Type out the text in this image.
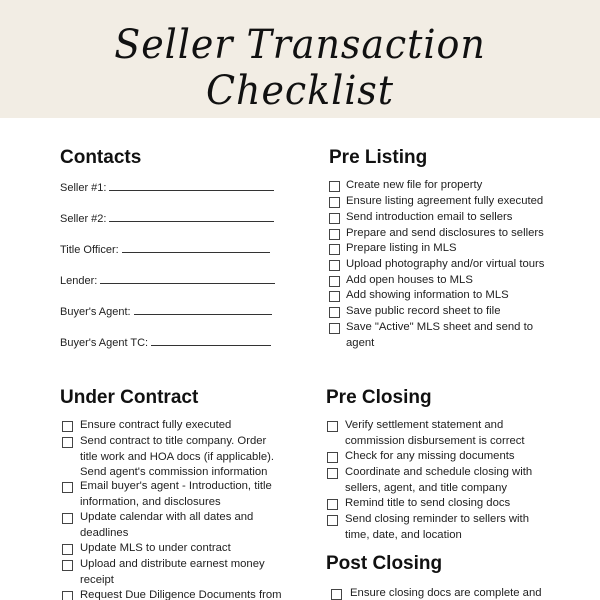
Seller Transaction Checklist
Contacts
Seller #1:
Seller #2:
Title Officer:
Lender:
Buyer's Agent:
Buyer's Agent TC:
Pre Listing
Create new file for property
Ensure listing agreement fully executed
Send introduction email to sellers
Prepare and send disclosures to sellers
Prepare listing in MLS
Upload photography and/or virtual tours
Add open houses to MLS
Add showing information to MLS
Save public record sheet to file
Save "Active" MLS sheet and send to agent
Under Contract
Ensure contract fully executed
Send contract to title company. Order title work and HOA docs (if applicable). Send agent's commission information
Email buyer's agent - Introduction, title information, and disclosures
Update calendar with all dates and deadlines
Update MLS to under contract
Upload and distribute earnest money receipt
Request Due Diligence Documents from
Pre Closing
Verify settlement statement and commission disbursement is correct
Check for any missing documents
Coordinate and schedule closing with sellers, agent, and title company
Remind title to send closing docs
Send closing reminder to sellers with time, date, and location
Post Closing
Ensure closing docs are complete and
